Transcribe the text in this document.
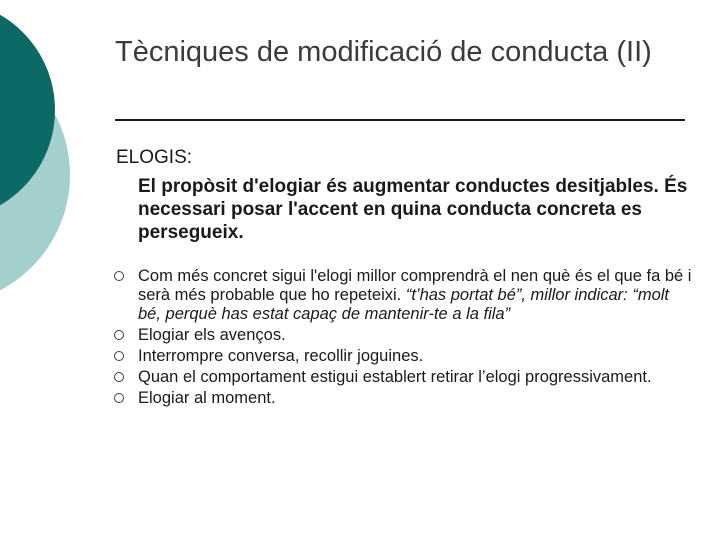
Tècniques de modificació de conducta (II)
ELOGIS:
El propòsit d'elogiar és augmentar conductes desitjables. És necessari posar l'accent en quina conducta concreta es persegueix.
Com més concret sigui l'elogi millor comprendrà el nen què és el que fa bé i serà més probable que ho repeteixi. “t’has portat bé”, millor indicar: “molt bé, perquè has estat capaç de mantenir-te a la fila”
Elogiar els avenços.
Interrompre conversa, recollir joguines.
Quan el comportament estigui establert retirar l’elogi progressivament.
Elogiar al moment.
